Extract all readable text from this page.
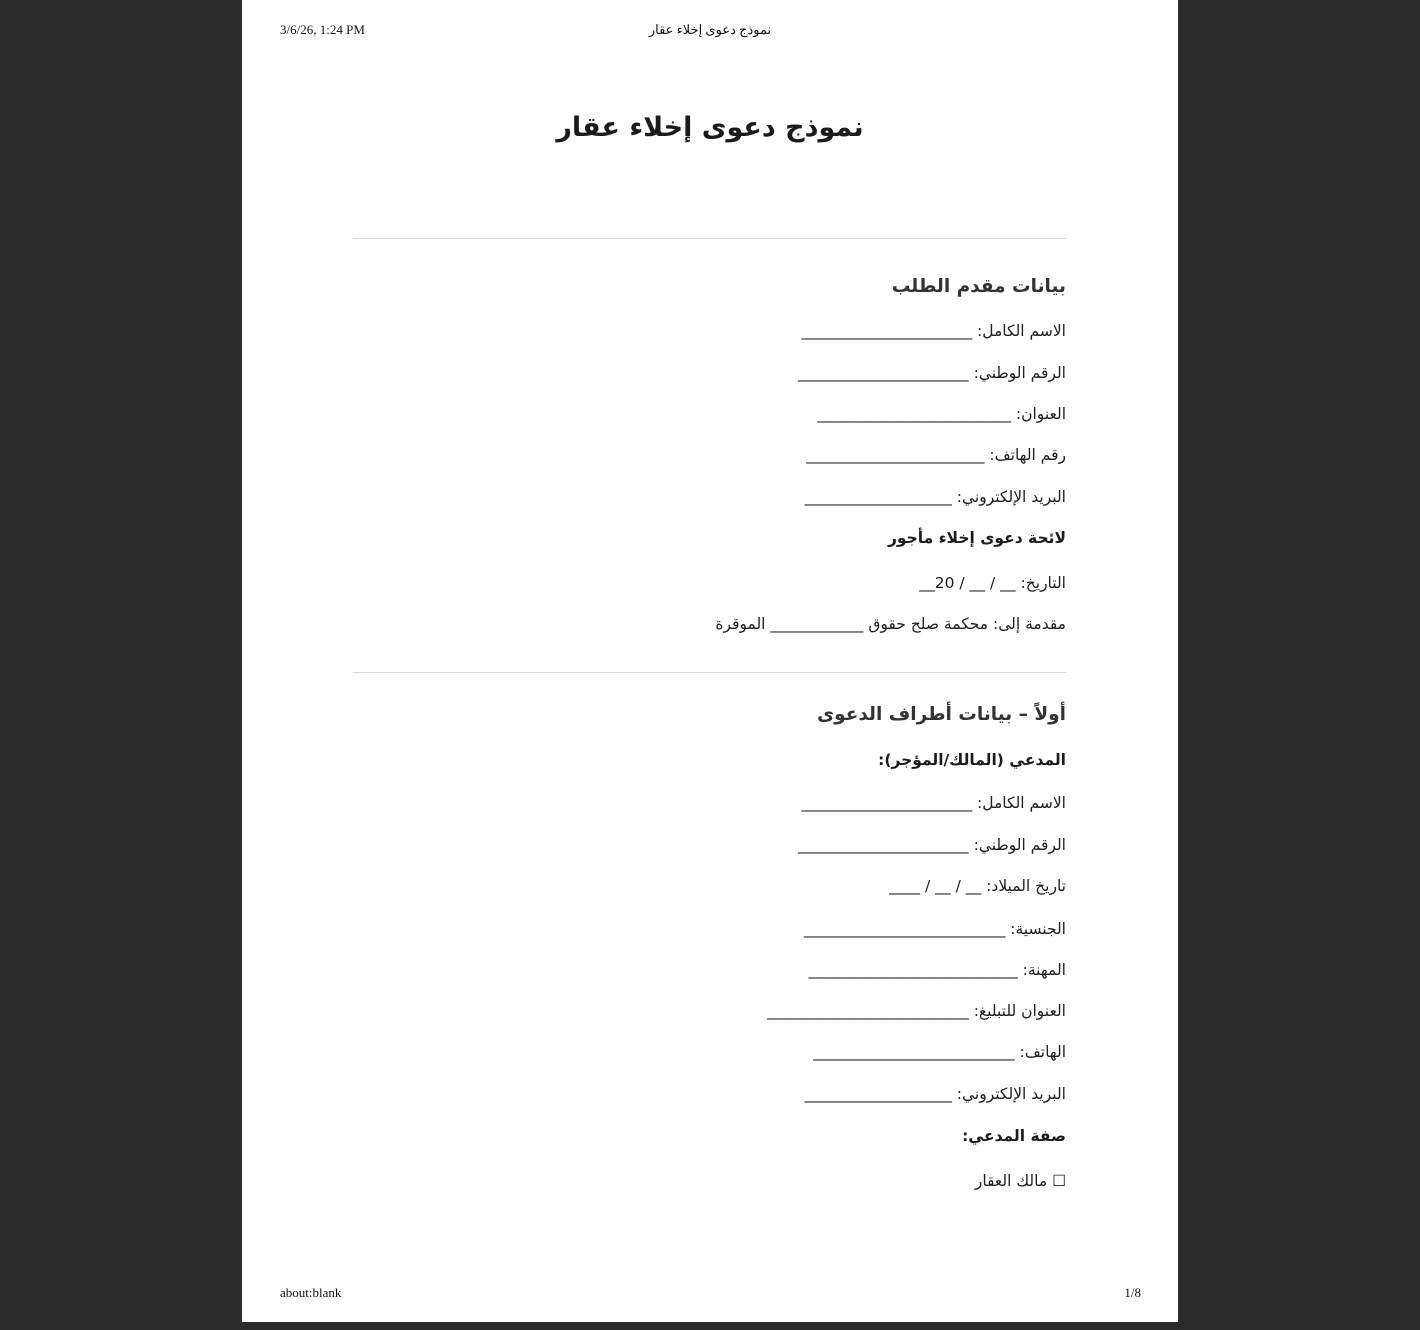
3/6/26, 1:24 PM	نموذج دعوى إخلاء عقار
نموذج دعوى إخلاء عقار
بيانات مقدم الطلب
الاسم الكامل: ______________________
الرقم الوطني: ______________________
العنوان: _________________________
رقم الهاتف: _______________________
البريد الإلكتروني: ___________________
لائحة دعوى إخلاء مأجور
التاريخ: __ / __ / 20__
مقدمة إلى: محكمة صلح حقوق ____________ الموقرة
أولاً – بيانات أطراف الدعوى
المدعي (المالك/المؤجر):
الاسم الكامل: ______________________
الرقم الوطني: ______________________
تاريخ الميلاد: __ / __ / ____
الجنسية: __________________________
المهنة: ___________________________
العنوان للتبليغ: __________________________
الهاتف: __________________________
البريد الإلكتروني: ___________________
صفة المدعي:
☐ مالك العقار
about:blank	1/8
